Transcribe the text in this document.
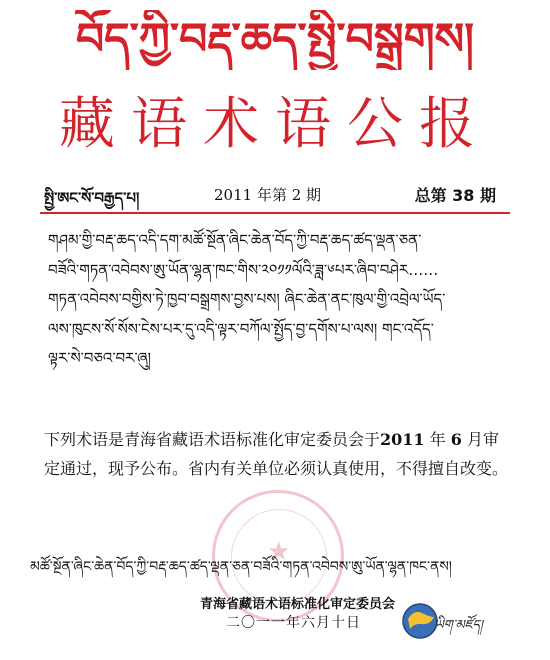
བོད་ཀྱི་བརྡ་ཆད་སྤྱི་བསྒྲགས།
藏语术语公报
སྤྱི་ཨང་སོ་བརྒྱད་པ།	2011 年第 2 期	总第 38 期
གཤམ་གྱི་བརྡ་ཆད་འདི་དག་མཚོ་སྔོན་ཞིང་ཆེན་བོད་ཀྱི་བརྡ་ཆད་ཚད་ལྡན་ཅན་
བཟོའི་གཏན་འབེབས་ཨུ་ཡོན་ལྷན་ཁང་གིས་༢༠༡༡ལོའི་ཟླ་༦པར་ཞིབ་བཤེར……
གཏན་འབེབས་བགྱིས་ཏེ་ཁྱབ་བསྒྲགས་བྱས་པས། ཞིང་ཆེན་ནང་ཁུལ་གྱི་འབྲེལ་ཡོད་
ལས་ཁུངས་སོ་སོས་ངེས་པར་དུ་འདི་ལྟར་བཀོལ་སྤྱོད་བྱ་དགོས་པ་ལས། གང་འདོད་
ལྟར་སེ་བཅའ་བར་ཞུ།
下列术语是青海省藏语术语标准化审定委员会于2011 年 6 月审定通过，现予公布。省内有关单位必须认真使用，不得擅自改变。
★
མཚོ་སྔོན་ཞིང་ཆེན་བོད་ཀྱི་བརྡ་ཆད་ཚད་ལྡན་ཅན་བཟོའི་གཏན་འབེབས་ཨུ་ཡོན་ལྷན་ཁང་ནས།
青海省藏语术语标准化审定委员会
二〇一一年六月十日	ཡིག་མཛོད།
